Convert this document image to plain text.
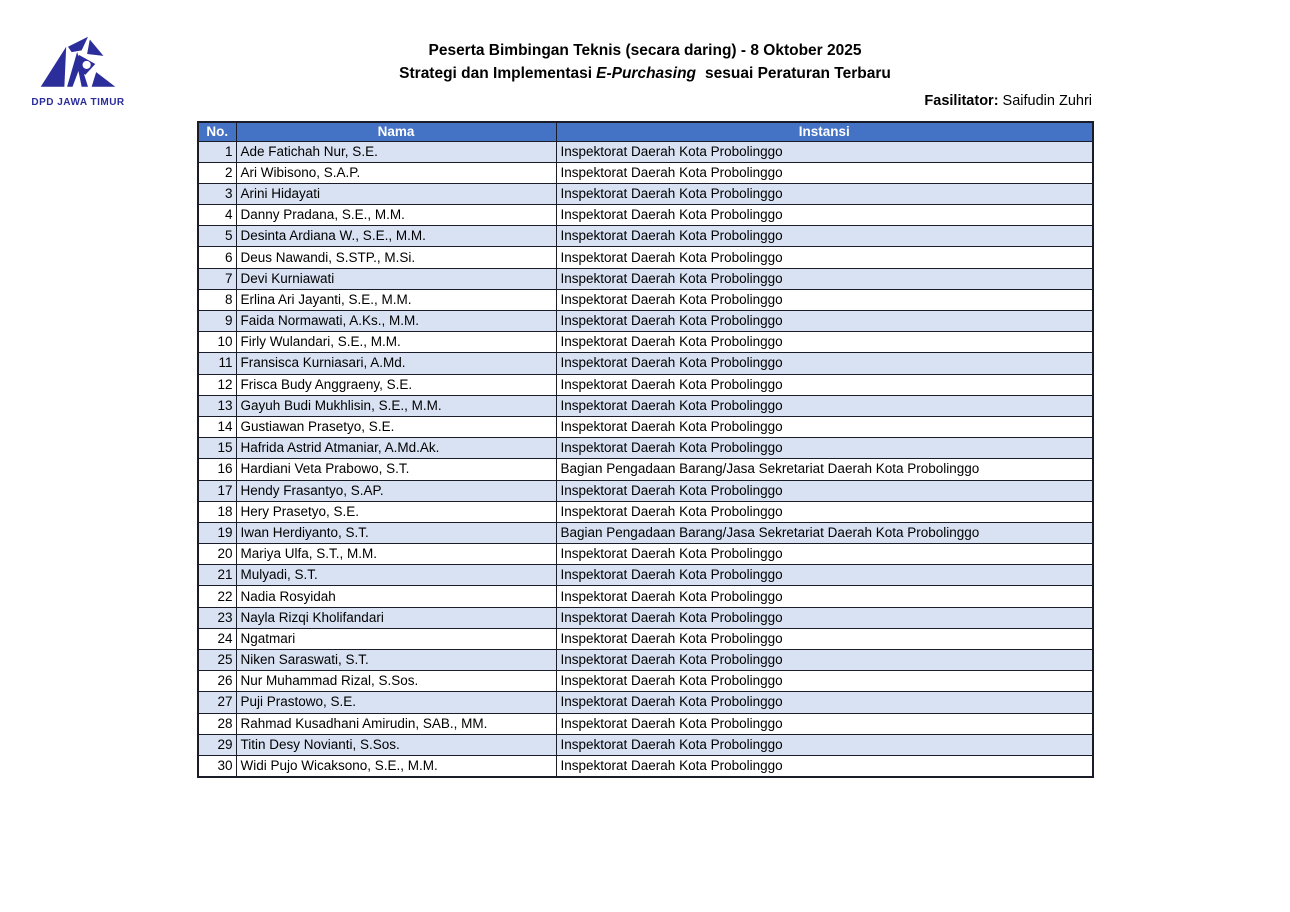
DPD JAWA TIMUR
Peserta Bimbingan Teknis (secara daring) - 8 Oktober 2025
Strategi dan Implementasi E-Purchasing sesuai Peraturan Terbaru
Fasilitator: Saifudin Zuhri
No.	Nama	Instansi
1	Ade Fatichah Nur, S.E.	Inspektorat Daerah Kota Probolinggo
2	Ari Wibisono, S.A.P.	Inspektorat Daerah Kota Probolinggo
3	Arini Hidayati	Inspektorat Daerah Kota Probolinggo
4	Danny Pradana, S.E., M.M.	Inspektorat Daerah Kota Probolinggo
5	Desinta Ardiana W., S.E., M.M.	Inspektorat Daerah Kota Probolinggo
6	Deus Nawandi, S.STP., M.Si.	Inspektorat Daerah Kota Probolinggo
7	Devi Kurniawati	Inspektorat Daerah Kota Probolinggo
8	Erlina Ari Jayanti, S.E., M.M.	Inspektorat Daerah Kota Probolinggo
9	Faida Normawati, A.Ks., M.M.	Inspektorat Daerah Kota Probolinggo
10	Firly Wulandari, S.E., M.M.	Inspektorat Daerah Kota Probolinggo
11	Fransisca Kurniasari, A.Md.	Inspektorat Daerah Kota Probolinggo
12	Frisca Budy Anggraeny, S.E.	Inspektorat Daerah Kota Probolinggo
13	Gayuh Budi Mukhlisin, S.E., M.M.	Inspektorat Daerah Kota Probolinggo
14	Gustiawan Prasetyo, S.E.	Inspektorat Daerah Kota Probolinggo
15	Hafrida Astrid Atmaniar, A.Md.Ak.	Inspektorat Daerah Kota Probolinggo
16	Hardiani Veta Prabowo, S.T.	Bagian Pengadaan Barang/Jasa Sekretariat Daerah Kota Probolinggo
17	Hendy Frasantyo, S.AP.	Inspektorat Daerah Kota Probolinggo
18	Hery Prasetyo, S.E.	Inspektorat Daerah Kota Probolinggo
19	Iwan Herdiyanto, S.T.	Bagian Pengadaan Barang/Jasa Sekretariat Daerah Kota Probolinggo
20	Mariya Ulfa, S.T., M.M.	Inspektorat Daerah Kota Probolinggo
21	Mulyadi, S.T.	Inspektorat Daerah Kota Probolinggo
22	Nadia Rosyidah	Inspektorat Daerah Kota Probolinggo
23	Nayla Rizqi Kholifandari	Inspektorat Daerah Kota Probolinggo
24	Ngatmari	Inspektorat Daerah Kota Probolinggo
25	Niken Saraswati, S.T.	Inspektorat Daerah Kota Probolinggo
26	Nur Muhammad Rizal, S.Sos.	Inspektorat Daerah Kota Probolinggo
27	Puji Prastowo, S.E.	Inspektorat Daerah Kota Probolinggo
28	Rahmad Kusadhani Amirudin, SAB., MM.	Inspektorat Daerah Kota Probolinggo
29	Titin Desy Novianti, S.Sos.	Inspektorat Daerah Kota Probolinggo
30	Widi Pujo Wicaksono, S.E., M.M.	Inspektorat Daerah Kota Probolinggo
